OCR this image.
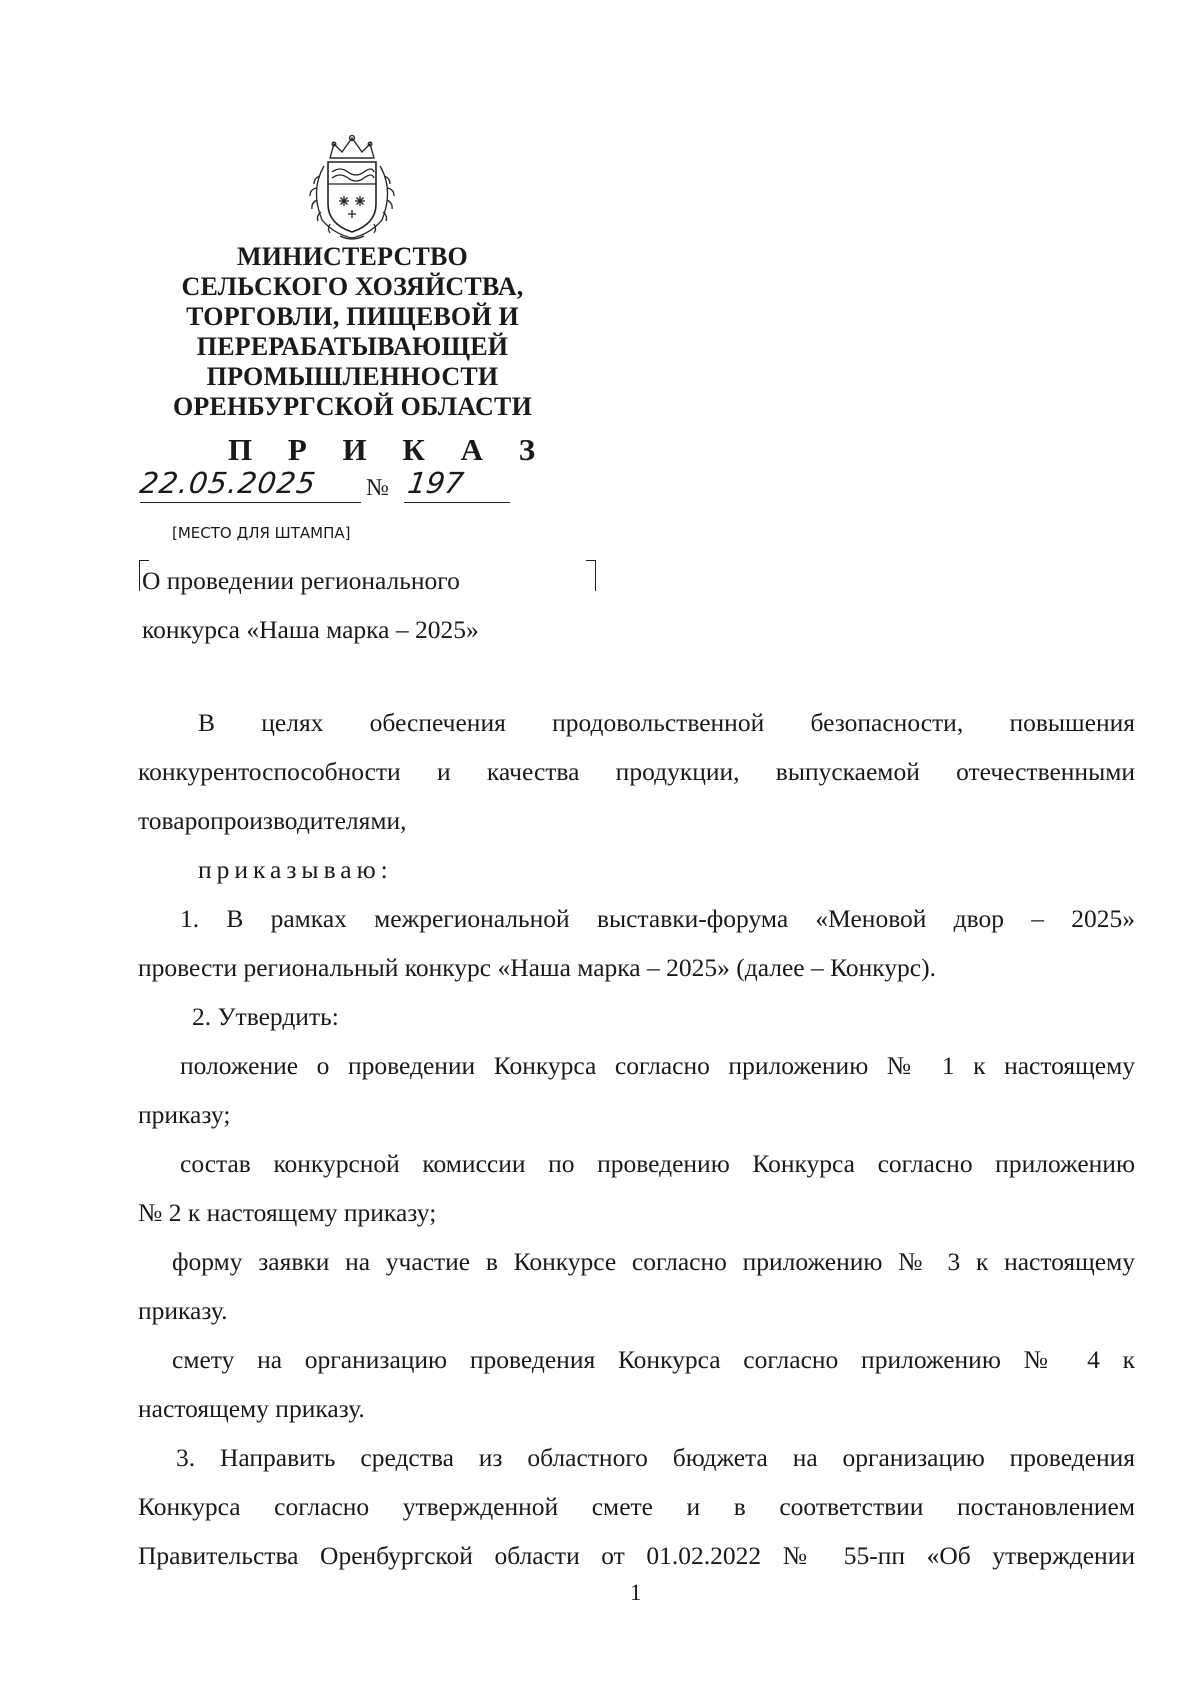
МИНИСТЕРСТВО
СЕЛЬСКОГО ХОЗЯЙСТВА,
ТОРГОВЛИ, ПИЩЕВОЙ И
ПЕРЕРАБАТЫВАЮЩЕЙ
ПРОМЫШЛЕННОСТИ
ОРЕНБУРГСКОЙ ОБЛАСТИ
П Р И К А З
22.05.2025	№ 197
[МЕСТО ДЛЯ ШТАМПА]
О проведении регионального
конкурса «Наша марка – 2025»
В целях обеспечения продовольственной безопасности, повышения
конкурентоспособности и качества продукции, выпускаемой отечественными
товаропроизводителями,
приказываю:
1. В рамках межрегиональной выставки-форума «Меновой двор – 2025»
провести региональный конкурс «Наша марка – 2025» (далее – Конкурс).
2. Утвердить:
положение о проведении Конкурса согласно приложению № 1 к настоящему
приказу;
состав конкурсной комиссии по проведению Конкурса согласно приложению
№ 2 к настоящему приказу;
форму заявки на участие в Конкурсе согласно приложению № 3 к настоящему
приказу.
смету на организацию проведения Конкурса согласно приложению № 4 к
настоящему приказу.
3. Направить средства из областного бюджета на организацию проведения
Конкурса согласно утвержденной смете и в соответствии постановлением
Правительства Оренбургской области от 01.02.2022 № 55-пп «Об утверждении
1
